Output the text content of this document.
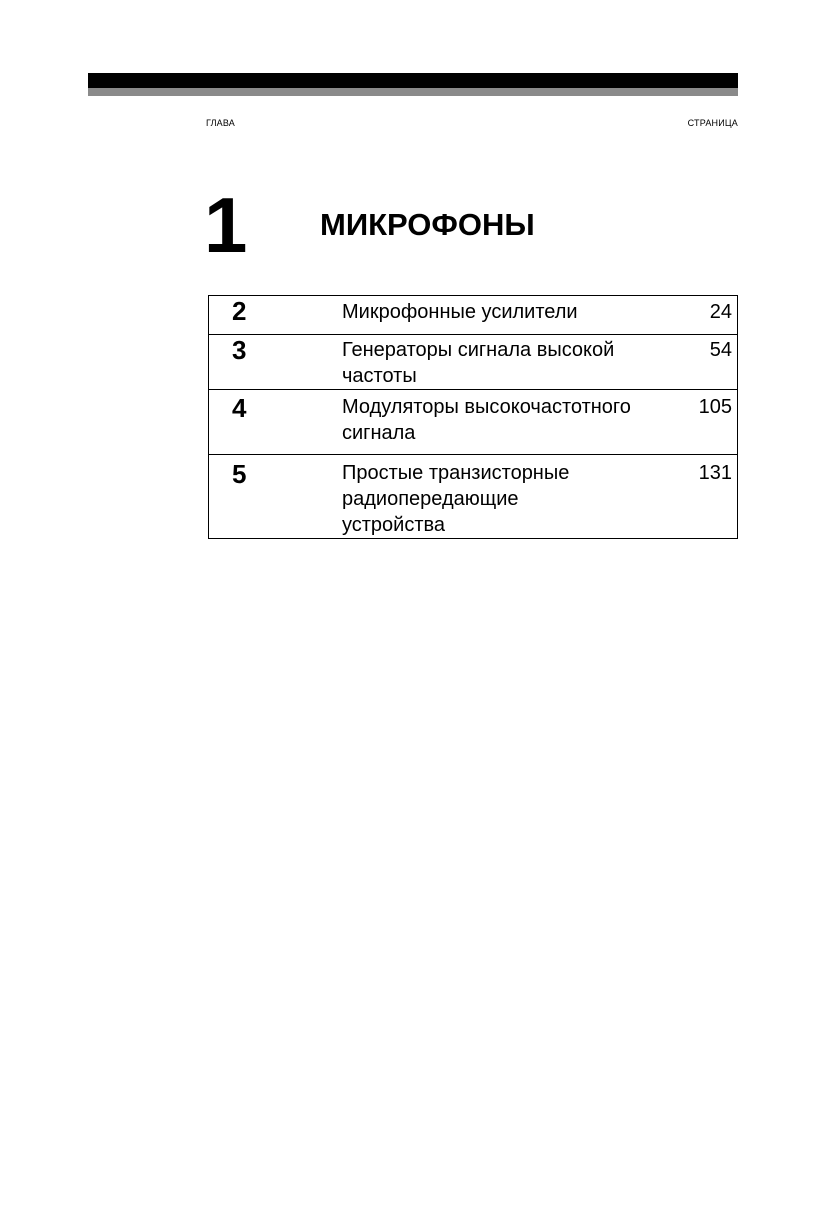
ГЛАВА	СТРАНИЦА
1 МИКРОФОНЫ
2	Микрофонные усилители	24
3	Генераторы сигнала высокой частоты	54
4	Модуляторы высокочастотного сигнала	105
5	Простые транзисторные радиопередающие устройства	131
